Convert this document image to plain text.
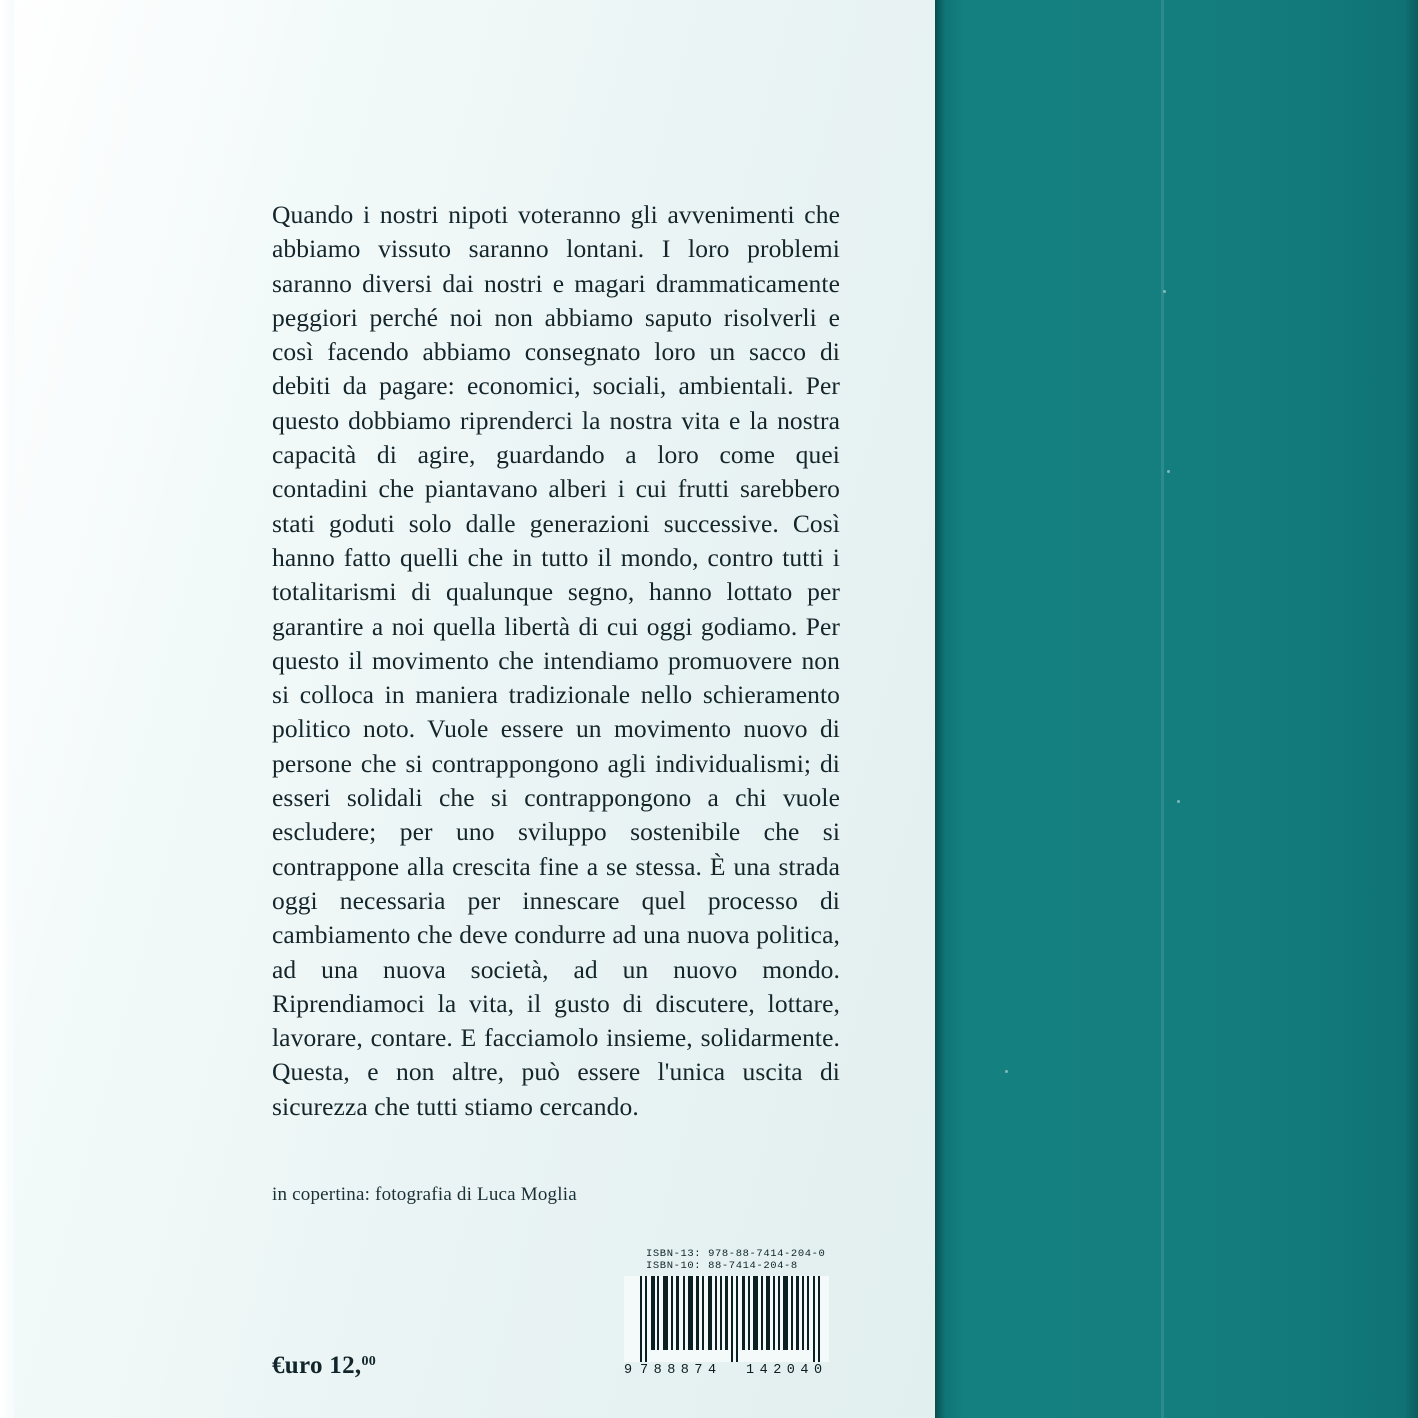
Quando i nostri nipoti voteranno gli avvenimenti che abbiamo vissuto saranno lontani. I loro problemi saranno diversi dai nostri e magari drammaticamente peggiori perché noi non abbiamo saputo risolverli e così facendo abbiamo consegnato loro un sacco di debiti da pagare: economici, sociali, ambientali. Per questo dobbiamo riprenderci la nostra vita e la nostra capacità di agire, guardando a loro come quei contadini che piantavano alberi i cui frutti sarebbero stati goduti solo dalle generazioni successive. Così hanno fatto quelli che in tutto il mondo, contro tutti i totalitarismi di qualunque segno, hanno lottato per garantire a noi quella libertà di cui oggi godiamo. Per questo il movimento che intendiamo promuovere non si colloca in maniera tradizionale nello schieramento politico noto. Vuole essere un movimento nuovo di persone che si contrappongono agli individualismi; di esseri solidali che si contrappongono a chi vuole escludere; per uno sviluppo sostenibile che si contrappone alla crescita fine a se stessa. È una strada oggi necessaria per innescare quel processo di cambiamento che deve condurre ad una nuova politica, ad una nuova società, ad un nuovo mondo. Riprendiamoci la vita, il gusto di discutere, lottare, lavorare, contare. E facciamolo insieme, solidarmente. Questa, e non altre, può essere l'unica uscita di sicurezza che tutti stiamo cercando.
in copertina: fotografia di Luca Moglia
€uro 12,00
ISBN-13: 978-88-7414-204-0
ISBN-10: 88-7414-204-8
9 788874 142040
